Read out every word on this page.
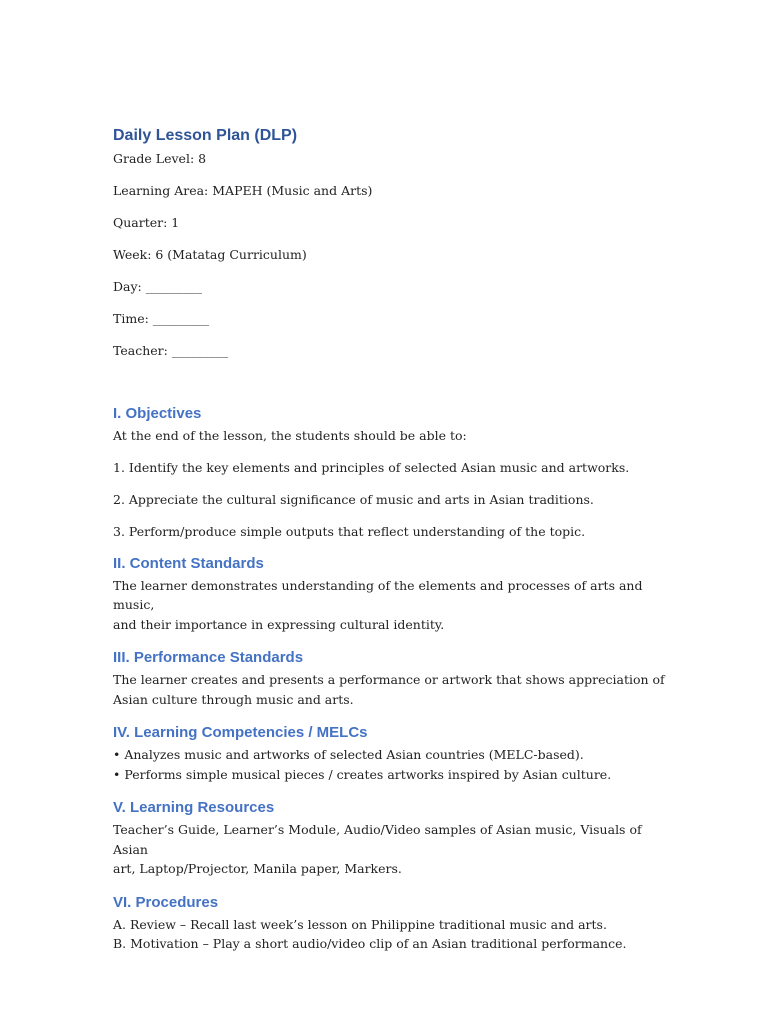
Daily Lesson Plan (DLP)

Grade Level: 8

Learning Area: MAPEH (Music and Arts)

Quarter: 1

Week: 6 (Matatag Curriculum)

Day: _________

Time: _________

Teacher: _________

I. Objectives

At the end of the lesson, the students should be able to:

1. Identify the key elements and principles of selected Asian music and artworks.

2. Appreciate the cultural significance of music and arts in Asian traditions.

3. Perform/produce simple outputs that reflect understanding of the topic.

II. Content Standards

The learner demonstrates understanding of the elements and processes of arts and music,

and their importance in expressing cultural identity.

III. Performance Standards

The learner creates and presents a performance or artwork that shows appreciation of

Asian culture through music and arts.

IV. Learning Competencies / MELCs

• Analyzes music and artworks of selected Asian countries (MELC-based).

• Performs simple musical pieces / creates artworks inspired by Asian culture.

V. Learning Resources

Teacher’s Guide, Learner’s Module, Audio/Video samples of Asian music, Visuals of Asian

art, Laptop/Projector, Manila paper, Markers.

VI. Procedures

A. Review – Recall last week’s lesson on Philippine traditional music and arts.

B. Motivation – Play a short audio/video clip of an Asian traditional performance.
